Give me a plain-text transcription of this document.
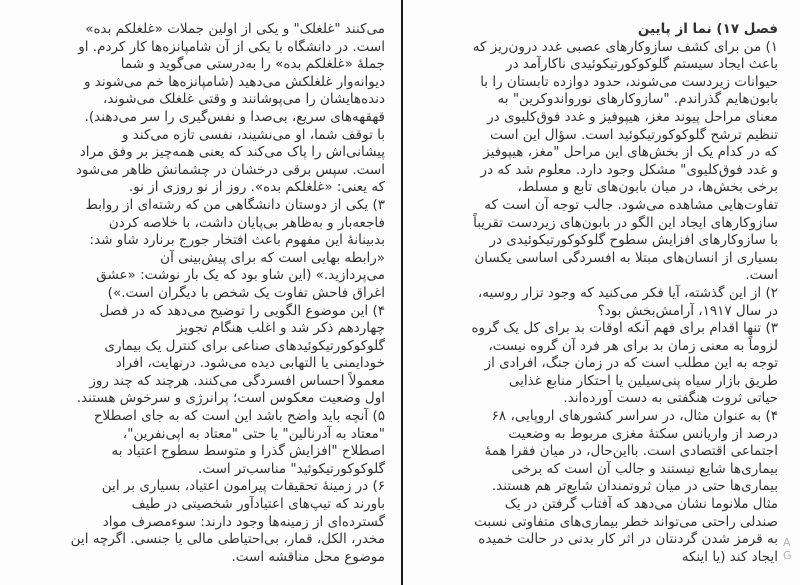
می‌کنند "غلغلک" و یکی از اولین جملات «غلغلکم بده»
است. در دانشگاه با یکی از آن شامپانزه‌ها کار کردم. او
جملهٔ «غلغلکم بده» را به‌درستی می‌گوید و شما
دیوانه‌وار غلغلکش می‌دهید (شامپانزه‌ها خم می‌شوند و
دنده‌هایشان را می‌پوشانند و وقتی غلغلک می‌شوند،
قهقهه‌های سریع، بی‌صدا و نفس‌گیری را سر می‌دهند).
با توقف شما، او می‌نشیند، نفسی تازه می‌کند و
پیشانی‌اش را پاک می‌کند که یعنی همه‌چیز بر وفق مراد
است. سپس برقی درخشان در چشمانش ظاهر می‌شود
که یعنی: «غلغلکم بده». روز از نو روزی از نو.
۳) یکی از دوستان دانشگاهی من که رشته‌ای از روابط
فاجعه‌بار و به‌ظاهر بی‌پایان داشت، با خلاصه کردن
بدبینانهٔ این مفهوم باعث افتخار جورج برنارد شاو شد:
«رابطه بهایی است که برای پیش‌بینی آن
می‌پردازید.» (این شاو بود که یک بار نوشت: «عشق
اغراق فاحش تفاوت یک شخص با دیگران است.»)
۴) این موضوع الگویی را توضیح می‌دهد که در فصل
چهاردهم ذکر شد و اغلب هنگام تجویز
گلوکوکورتیکوئیدهای صناعی برای کنترل یک بیماری
خودایمنی یا التهابی دیده می‌شود. درنهایت، افراد
معمولاً احساس افسردگی می‌کنند. هرچند که چند روز
اول وضعیت معکوس است؛ پرانرژی و سرخوش هستند.
۵) آنچه باید واضح باشد این است که به جای اصطلاح
"معتاد به آدرنالین" یا حتی "معتاد به اپی‌نفرین"،
اصطلاح "افزایش گذرا و متوسط سطوح اعتیاد به
گلوکوکورتیکوئید" مناسب‌تر است.
۶) در زمینهٔ تحقیقات پیرامون اعتیاد، بسیاری بر این
باورند که تیپ‌های اعتیادآور شخصیتی در طیف
گسترده‌ای از زمینه‌ها وجود دارند: سوءمصرف مواد
مخدر، الکل، قمار، بی‌احتیاطی مالی یا جنسی. اگرچه این
موضوع محل مناقشه است.
فصل ۱۷) نما از پایین
۱) من برای کشف سازوکارهای عصبی غدد درون‌ریز که
باعث ایجاد سیستم گلوکوکورتیکوئیدی ناکارآمد در
حیوانات زیردست می‌شوند، حدود دوازده تابستان را با
بابون‌هایم گذراندم. "سازوکارهای نورواندوکرین" به
معنای مراحل پیوند مغز، هیپوفیز و غدد فوق‌کلیوی در
تنظیم ترشح گلوکوکورتیکوئید است. سؤال این است
که در کدام یک از بخش‌های این مراحل "مغز، هیپوفیز
و غدد فوق‌کلیوی" مشکل وجود دارد. معلوم شد که در
برخی بخش‌ها، در میان بابون‌های تابع و مسلط،
تفاوت‌هایی مشاهده می‌شود. جالب توجه آن است که
سازوکارهای ایجاد این الگو در بابون‌های زیردست تقریباً
با سازوکارهای افزایش سطوح گلوکوکورتیکوئیدی در
بسیاری از انسان‌های مبتلا به افسردگی اساسی یکسان
است.
۲) از این گذشته، آیا فکر می‌کنید که وجود تزار روسیه،
در سال ۱۹۱۷، آرامش‌بخش بود؟
۳) تنها اقدام برای فهم آنکه اوقات بد برای کل یک گروه
لزوماً به معنی زمان بد برای هر فرد آن گروه نیست،
توجه به این مطلب است که در زمان جنگ، افرادی از
طریق بازار سیاه پنی‌سیلین یا احتکار منابع غذایی
حیاتی ثروت هنگفتی به دست آورده‌اند.
۴) به عنوان مثال، در سراسر کشورهای اروپایی، ۶۸
درصد از واریانس سکتهٔ مغزی مربوط به وضعیت
اجتماعی اقتصادی است. بااین‌حال، در میان فقرا همهٔ
بیماری‌ها شایع نیستند و جالب آن است که برخی
بیماری‌ها حتی در میان ثروتمندان شایع‌تر هم هستند.
مثال ملانوما نشان می‌دهد که آفتاب گرفتن در یک
صندلی راحتی می‌تواند خطر بیماری‌های متفاوتی نسبت
به قرمز شدن گردنتان در اثر کار بدنی در حالت خمیده
ایجاد کند (یا اینکه
A
G
